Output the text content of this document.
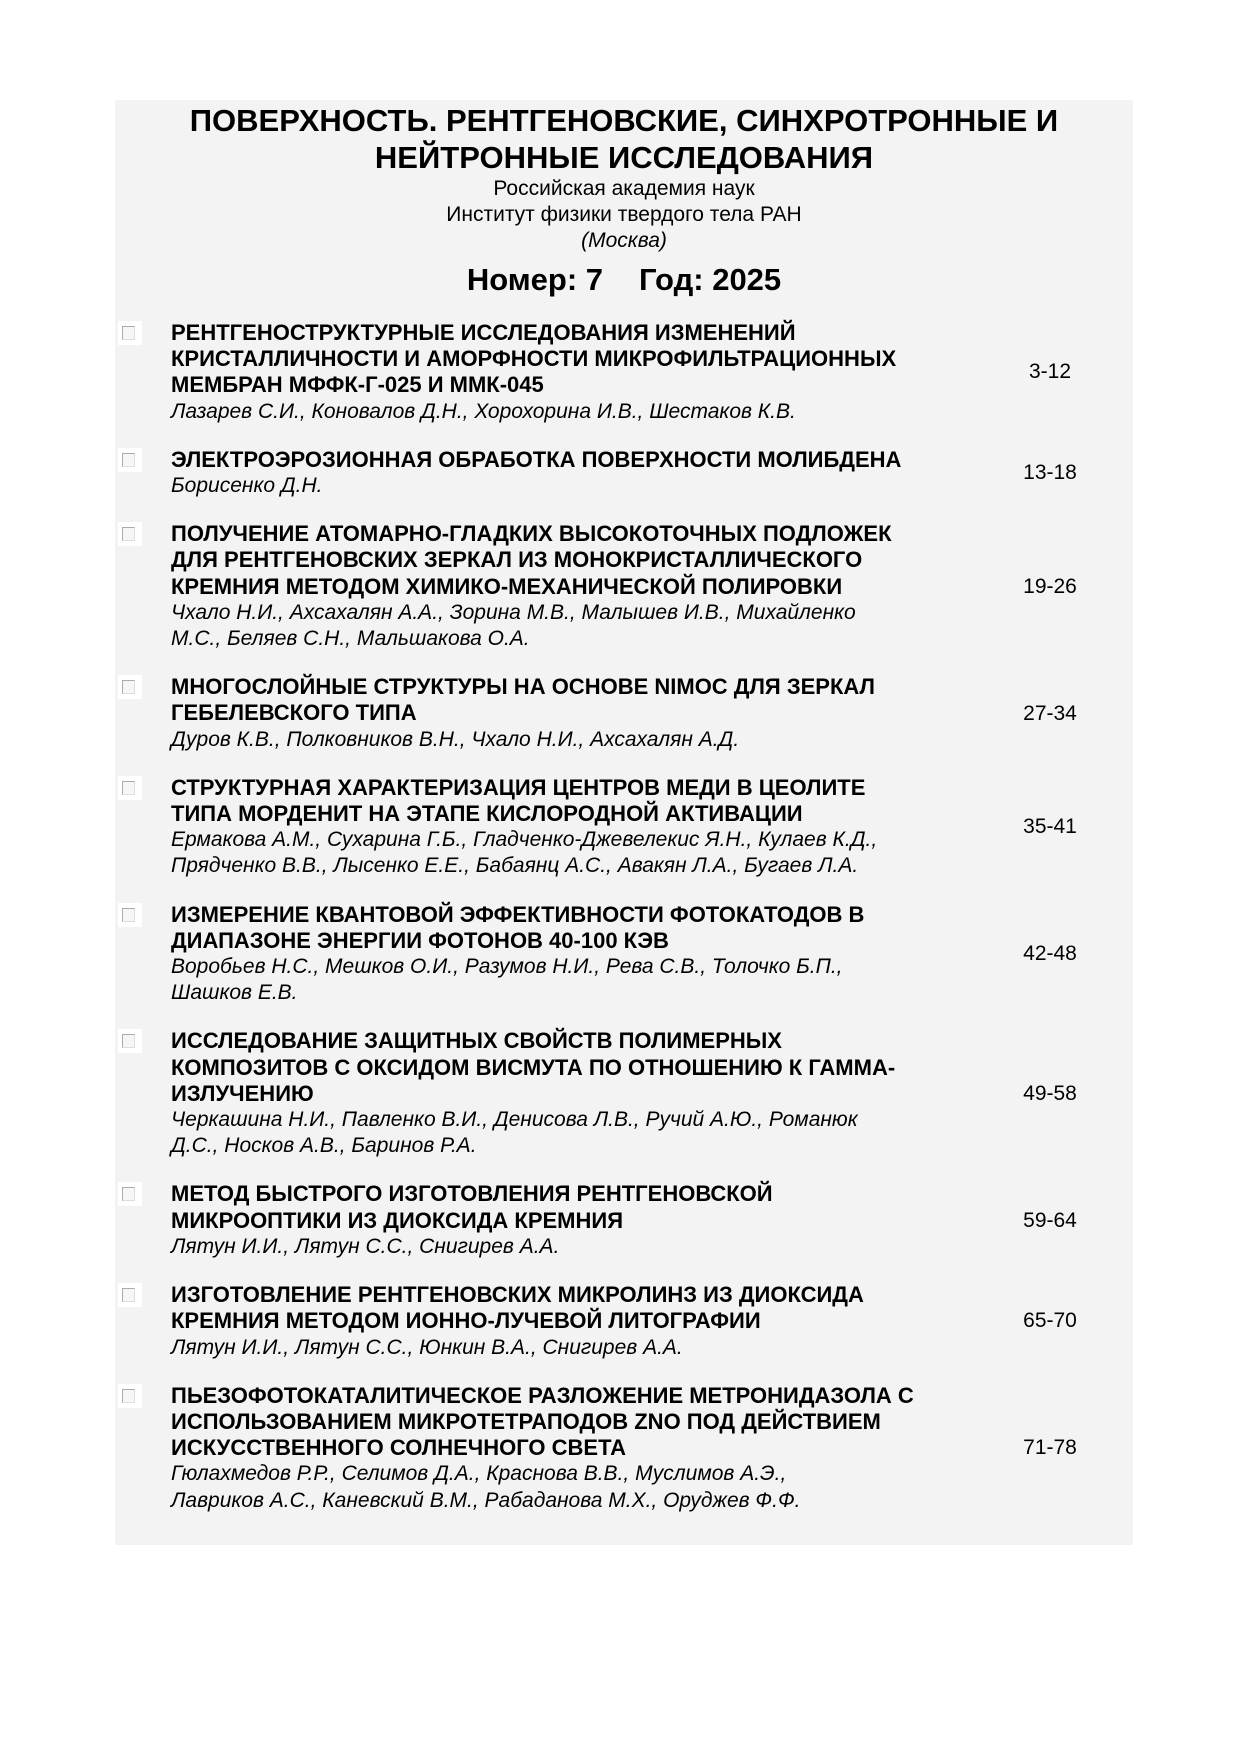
ПОВЕРХНОСТЬ. РЕНТГЕНОВСКИЕ, СИНХРОТРОННЫЕ И
НЕЙТРОННЫЕ ИССЛЕДОВАНИЯ
Российская академия наук
Институт физики твердого тела РАН
(Москва)
Номер: 7 Год: 2025
РЕНТГЕНОСТРУКТУРНЫЕ ИССЛЕДОВАНИЯ ИЗМЕНЕНИЙ
КРИСТАЛЛИЧНОСТИ И АМОРФНОСТИ МИКРОФИЛЬТРАЦИОННЫХ
МЕМБРАН МФФК-Г-025 И ММК-045
Лазарев С.И., Коновалов Д.Н., Хорохорина И.В., Шестаков К.В.
3-12
ЭЛЕКТРОЭРОЗИОННАЯ ОБРАБОТКА ПОВЕРХНОСТИ МОЛИБДЕНА
Борисенко Д.Н.
13-18
ПОЛУЧЕНИЕ АТОМАРНО-ГЛАДКИХ ВЫСОКОТОЧНЫХ ПОДЛОЖЕК
ДЛЯ РЕНТГЕНОВСКИХ ЗЕРКАЛ ИЗ МОНОКРИСТАЛЛИЧЕСКОГО
КРЕМНИЯ МЕТОДОМ ХИМИКО-МЕХАНИЧЕСКОЙ ПОЛИРОВКИ
Чхало Н.И., Ахсахалян А.А., Зорина М.В., Малышев И.В., Михайленко
М.С., Беляев С.Н., Мальшакова О.А.
19-26
МНОГОСЛОЙНЫЕ СТРУКТУРЫ НА ОСНОВЕ NIMOC ДЛЯ ЗЕРКАЛ
ГЕБЕЛЕВСКОГО ТИПА
Дуров К.В., Полковников В.Н., Чхало Н.И., Ахсахалян А.Д.
27-34
СТРУКТУРНАЯ ХАРАКТЕРИЗАЦИЯ ЦЕНТРОВ МЕДИ В ЦЕОЛИТЕ
ТИПА МОРДЕНИТ НА ЭТАПЕ КИСЛОРОДНОЙ АКТИВАЦИИ
Ермакова А.М., Сухарина Г.Б., Гладченко-Джевелекис Я.Н., Кулаев К.Д.,
Прядченко В.В., Лысенко Е.Е., Бабаянц А.С., Авакян Л.А., Бугаев Л.А.
35-41
ИЗМЕРЕНИЕ КВАНТОВОЙ ЭФФЕКТИВНОСТИ ФОТОКАТОДОВ В
ДИАПАЗОНЕ ЭНЕРГИИ ФОТОНОВ 40-100 КЭВ
Воробьев Н.С., Мешков О.И., Разумов Н.И., Рева С.В., Толочко Б.П.,
Шашков Е.В.
42-48
ИССЛЕДОВАНИЕ ЗАЩИТНЫХ СВОЙСТВ ПОЛИМЕРНЫХ
КОМПОЗИТОВ С ОКСИДОМ ВИСМУТА ПО ОТНОШЕНИЮ К ГАММА-
ИЗЛУЧЕНИЮ
Черкашина Н.И., Павленко В.И., Денисова Л.В., Ручий А.Ю., Романюк
Д.С., Носков А.В., Баринов Р.А.
49-58
МЕТОД БЫСТРОГО ИЗГОТОВЛЕНИЯ РЕНТГЕНОВСКОЙ
МИКРООПТИКИ ИЗ ДИОКСИДА КРЕМНИЯ
Лятун И.И., Лятун С.С., Снигирев А.А.
59-64
ИЗГОТОВЛЕНИЕ РЕНТГЕНОВСКИХ МИКРОЛИНЗ ИЗ ДИОКСИДА
КРЕМНИЯ МЕТОДОМ ИОННО-ЛУЧЕВОЙ ЛИТОГРАФИИ
Лятун И.И., Лятун С.С., Юнкин В.А., Снигирев А.А.
65-70
ПЬЕЗОФОТОКАТАЛИТИЧЕСКОЕ РАЗЛОЖЕНИЕ МЕТРОНИДАЗОЛА С
ИСПОЛЬЗОВАНИЕМ МИКРОТЕТРАПОДОВ ZNO ПОД ДЕЙСТВИЕМ
ИСКУССТВЕННОГО СОЛНЕЧНОГО СВЕТА
Гюлахмедов Р.Р., Селимов Д.А., Краснова В.В., Муслимов А.Э.,
Лавриков А.С., Каневский В.М., Рабаданова М.Х., Оруджев Ф.Ф.
71-78
